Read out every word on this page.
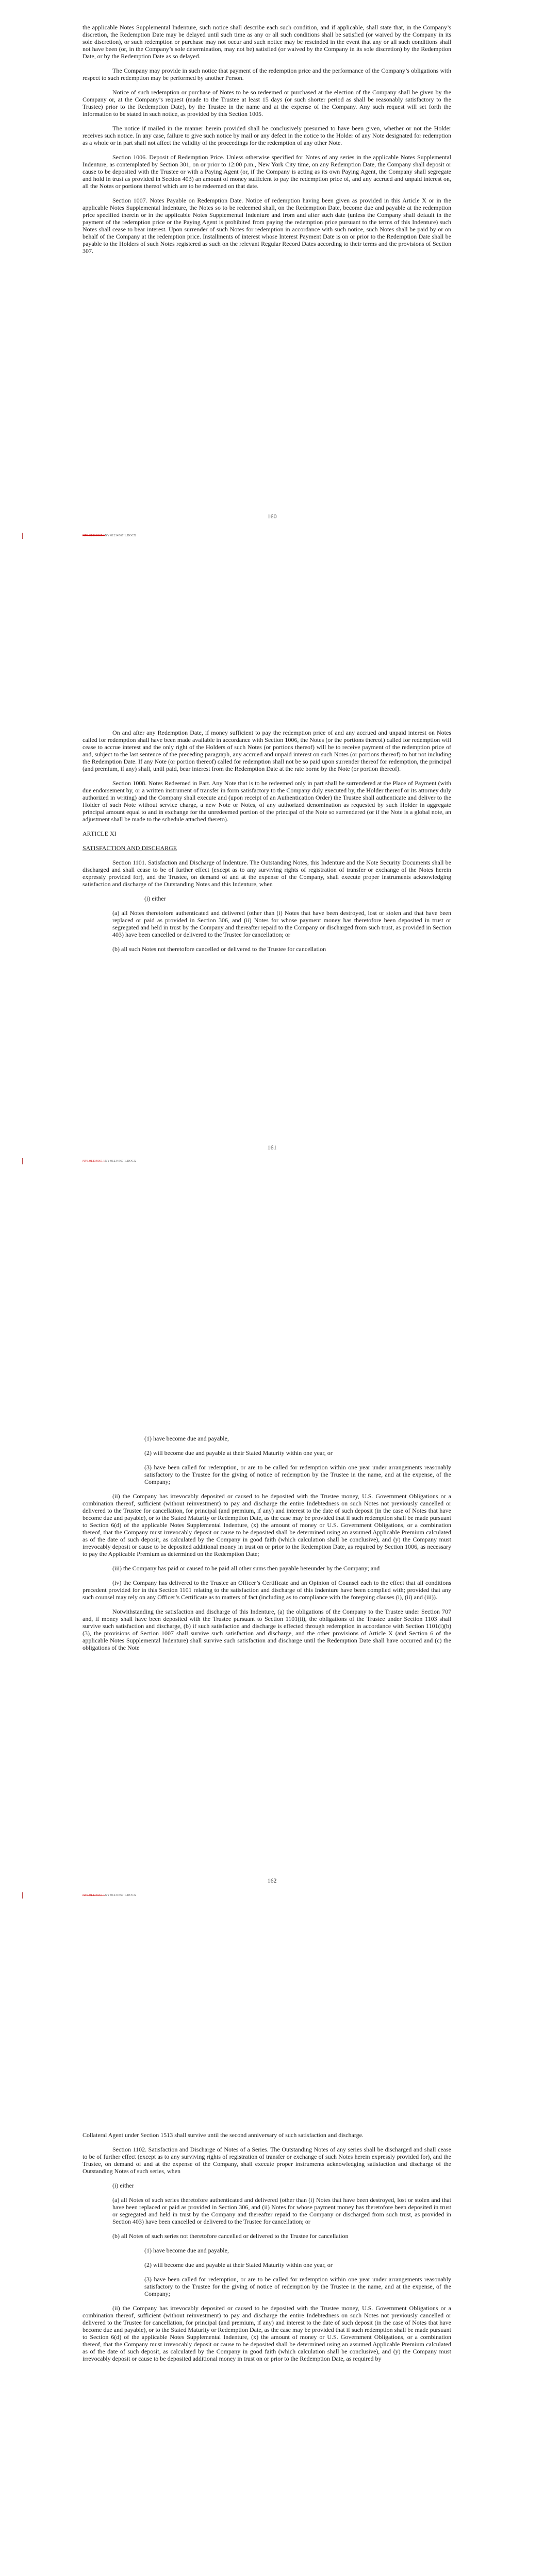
the applicable Notes Supplemental Indenture, such notice shall describe each such condition, and if applicable, shall state that, in the Company’s discretion, the Redemption Date may be delayed until such time as any or all such conditions shall be satisfied (or waived by the Company in its sole discretion), or such redemption or purchase may not occur and such notice may be rescinded in the event that any or all such conditions shall not have been (or, in the Company’s sole determination, may not be) satisfied (or waived by the Company in its sole discretion) by the Redemption Date, or by the Redemption Date as so delayed.

The Company may provide in such notice that payment of the redemption price and the performance of the Company’s obligations with respect to such redemption may be performed by another Person.

Notice of such redemption or purchase of Notes to be so redeemed or purchased at the election of the Company shall be given by the Company or, at the Company’s request (made to the Trustee at least 15 days (or such shorter period as shall be reasonably satisfactory to the Trustee) prior to the Redemption Date), by the Trustee in the name and at the expense of the Company. Any such request will set forth the information to be stated in such notice, as provided by this Section 1005.

The notice if mailed in the manner herein provided shall be conclusively presumed to have been given, whether or not the Holder receives such notice. In any case, failure to give such notice by mail or any defect in the notice to the Holder of any Note designated for redemption as a whole or in part shall not affect the validity of the proceedings for the redemption of any other Note.

Section 1006. Deposit of Redemption Price. Unless otherwise specified for Notes of any series in the applicable Notes Supplemental Indenture, as contemplated by Section 301, on or prior to 12:00 p.m., New York City time, on any Redemption Date, the Company shall deposit or cause to be deposited with the Trustee or with a Paying Agent (or, if the Company is acting as its own Paying Agent, the Company shall segregate and hold in trust as provided in Section 403) an amount of money sufficient to pay the redemption price of, and any accrued and unpaid interest on, all the Notes or portions thereof which are to be redeemed on that date.

Section 1007. Notes Payable on Redemption Date. Notice of redemption having been given as provided in this Article X or in the applicable Notes Supplemental Indenture, the Notes so to be redeemed shall, on the Redemption Date, become due and payable at the redemption price specified therein or in the applicable Notes Supplemental Indenture and from and after such date (unless the Company shall default in the payment of the redemption price or the Paying Agent is prohibited from paying the redemption price pursuant to the terms of this Indenture) such Notes shall cease to bear interest. Upon surrender of such Notes for redemption in accordance with such notice, such Notes shall be paid by or on behalf of the Company at the redemption price. Installments of interest whose Interest Payment Date is on or prior to the Redemption Date shall be payable to the Holders of such Notes registered as such on the relevant Regular Record Dates according to their terms and the provisions of Section 307.

160
NYI.01234567.1NY 01234567.1.DOCX

On and after any Redemption Date, if money sufficient to pay the redemption price of and any accrued and unpaid interest on Notes called for redemption shall have been made available in accordance with Section 1006, the Notes (or the portions thereof) called for redemption will cease to accrue interest and the only right of the Holders of such Notes (or portions thereof) will be to receive payment of the redemption price of and, subject to the last sentence of the preceding paragraph, any accrued and unpaid interest on such Notes (or portions thereof) to but not including the Redemption Date. If any Note (or portion thereof) called for redemption shall not be so paid upon surrender thereof for redemption, the principal (and premium, if any) shall, until paid, bear interest from the Redemption Date at the rate borne by the Note (or portion thereof).

Section 1008. Notes Redeemed in Part. Any Note that is to be redeemed only in part shall be surrendered at the Place of Payment (with due endorsement by, or a written instrument of transfer in form satisfactory to the Company duly executed by, the Holder thereof or its attorney duly authorized in writing) and the Company shall execute and (upon receipt of an Authentication Order) the Trustee shall authenticate and deliver to the Holder of such Note without service charge, a new Note or Notes, of any authorized denomination as requested by such Holder in aggregate principal amount equal to and in exchange for the unredeemed portion of the principal of the Note so surrendered (or if the Note is a global note, an adjustment shall be made to the schedule attached thereto).

ARTICLE XI

SATISFACTION AND DISCHARGE

Section 1101. Satisfaction and Discharge of Indenture. The Outstanding Notes, this Indenture and the Note Security Documents shall be discharged and shall cease to be of further effect (except as to any surviving rights of registration of transfer or exchange of the Notes herein expressly provided for), and the Trustee, on demand of and at the expense of the Company, shall execute proper instruments acknowledging satisfaction and discharge of the Outstanding Notes and this Indenture, when

(i) either

(a) all Notes theretofore authenticated and delivered (other than (i) Notes that have been destroyed, lost or stolen and that have been replaced or paid as provided in Section 306, and (ii) Notes for whose payment money has theretofore been deposited in trust or segregated and held in trust by the Company and thereafter repaid to the Company or discharged from such trust, as provided in Section 403) have been cancelled or delivered to the Trustee for cancellation; or

(b) all such Notes not theretofore cancelled or delivered to the Trustee for cancellation

161
NYI.01234567.1NY 01234567.1.DOCX

(1) have become due and payable,

(2) will become due and payable at their Stated Maturity within one year, or

(3) have been called for redemption, or are to be called for redemption within one year under arrangements reasonably satisfactory to the Trustee for the giving of notice of redemption by the Trustee in the name, and at the expense, of the Company;

(ii) the Company has irrevocably deposited or caused to be deposited with the Trustee money, U.S. Government Obligations or a combination thereof, sufficient (without reinvestment) to pay and discharge the entire Indebtedness on such Notes not previously cancelled or delivered to the Trustee for cancellation, for principal (and premium, if any) and interest to the date of such deposit (in the case of Notes that have become due and payable), or to the Stated Maturity or Redemption Date, as the case may be provided that if such redemption shall be made pursuant to Section 6(d) of the applicable Notes Supplemental Indenture, (x) the amount of money or U.S. Government Obligations, or a combination thereof, that the Company must irrevocably deposit or cause to be deposited shall be determined using an assumed Applicable Premium calculated as of the date of such deposit, as calculated by the Company in good faith (which calculation shall be conclusive), and (y) the Company must irrevocably deposit or cause to be deposited additional money in trust on or prior to the Redemption Date, as required by Section 1006, as necessary to pay the Applicable Premium as determined on the Redemption Date;

(iii) the Company has paid or caused to be paid all other sums then payable hereunder by the Company; and

(iv) the Company has delivered to the Trustee an Officer’s Certificate and an Opinion of Counsel each to the effect that all conditions precedent provided for in this Section 1101 relating to the satisfaction and discharge of this Indenture have been complied with; provided that any such counsel may rely on any Officer’s Certificate as to matters of fact (including as to compliance with the foregoing clauses (i), (ii) and (iii)).

Notwithstanding the satisfaction and discharge of this Indenture, (a) the obligations of the Company to the Trustee under Section 707 and, if money shall have been deposited with the Trustee pursuant to Section 1101(ii), the obligations of the Trustee under Section 1103 shall survive such satisfaction and discharge, (b) if such satisfaction and discharge is effected through redemption in accordance with Section 1101(i)(b)(3), the provisions of Section 1007 shall survive such satisfaction and discharge, and the other provisions of Article X (and Section 6 of the applicable Notes Supplemental Indenture) shall survive such satisfaction and discharge until the Redemption Date shall have occurred and (c) the obligations of the Note

162
NYI.01234567.1NY 01234567.1.DOCX

Collateral Agent under Section 1513 shall survive until the second anniversary of such satisfaction and discharge.

Section 1102. Satisfaction and Discharge of Notes of a Series. The Outstanding Notes of any series shall be discharged and shall cease to be of further effect (except as to any surviving rights of registration of transfer or exchange of such Notes herein expressly provided for), and the Trustee, on demand of and at the expense of the Company, shall execute proper instruments acknowledging satisfaction and discharge of the Outstanding Notes of such series, when

(i) either

(a) all Notes of such series theretofore authenticated and delivered (other than (i) Notes that have been destroyed, lost or stolen and that have been replaced or paid as provided in Section 306, and (ii) Notes for whose payment money has theretofore been deposited in trust or segregated and held in trust by the Company and thereafter repaid to the Company or discharged from such trust, as provided in Section 403) have been cancelled or delivered to the Trustee for cancellation; or

(b) all Notes of such series not theretofore cancelled or delivered to the Trustee for cancellation

(1) have become due and payable,

(2) will become due and payable at their Stated Maturity within one year, or

(3) have been called for redemption, or are to be called for redemption within one year under arrangements reasonably satisfactory to the Trustee for the giving of notice of redemption by the Trustee in the name, and at the expense, of the Company;

(ii) the Company has irrevocably deposited or caused to be deposited with the Trustee money, U.S. Government Obligations or a combination thereof, sufficient (without reinvestment) to pay and discharge the entire Indebtedness on such Notes not previously cancelled or delivered to the Trustee for cancellation, for principal (and premium, if any) and interest to the date of such deposit (in the case of Notes that have become due and payable), or to the Stated Maturity or Redemption Date, as the case may be provided that if such redemption shall be made pursuant to Section 6(d) of the applicable Notes Supplemental Indenture, (x) the amount of money or U.S. Government Obligations, or a combination thereof, that the Company must irrevocably deposit or cause to be deposited shall be determined using an assumed Applicable Premium calculated as of the date of such deposit, as calculated by the Company in good faith (which calculation shall be conclusive), and (y) the Company must irrevocably deposit or cause to be deposited additional money in trust on or prior to the Redemption Date, as required by
